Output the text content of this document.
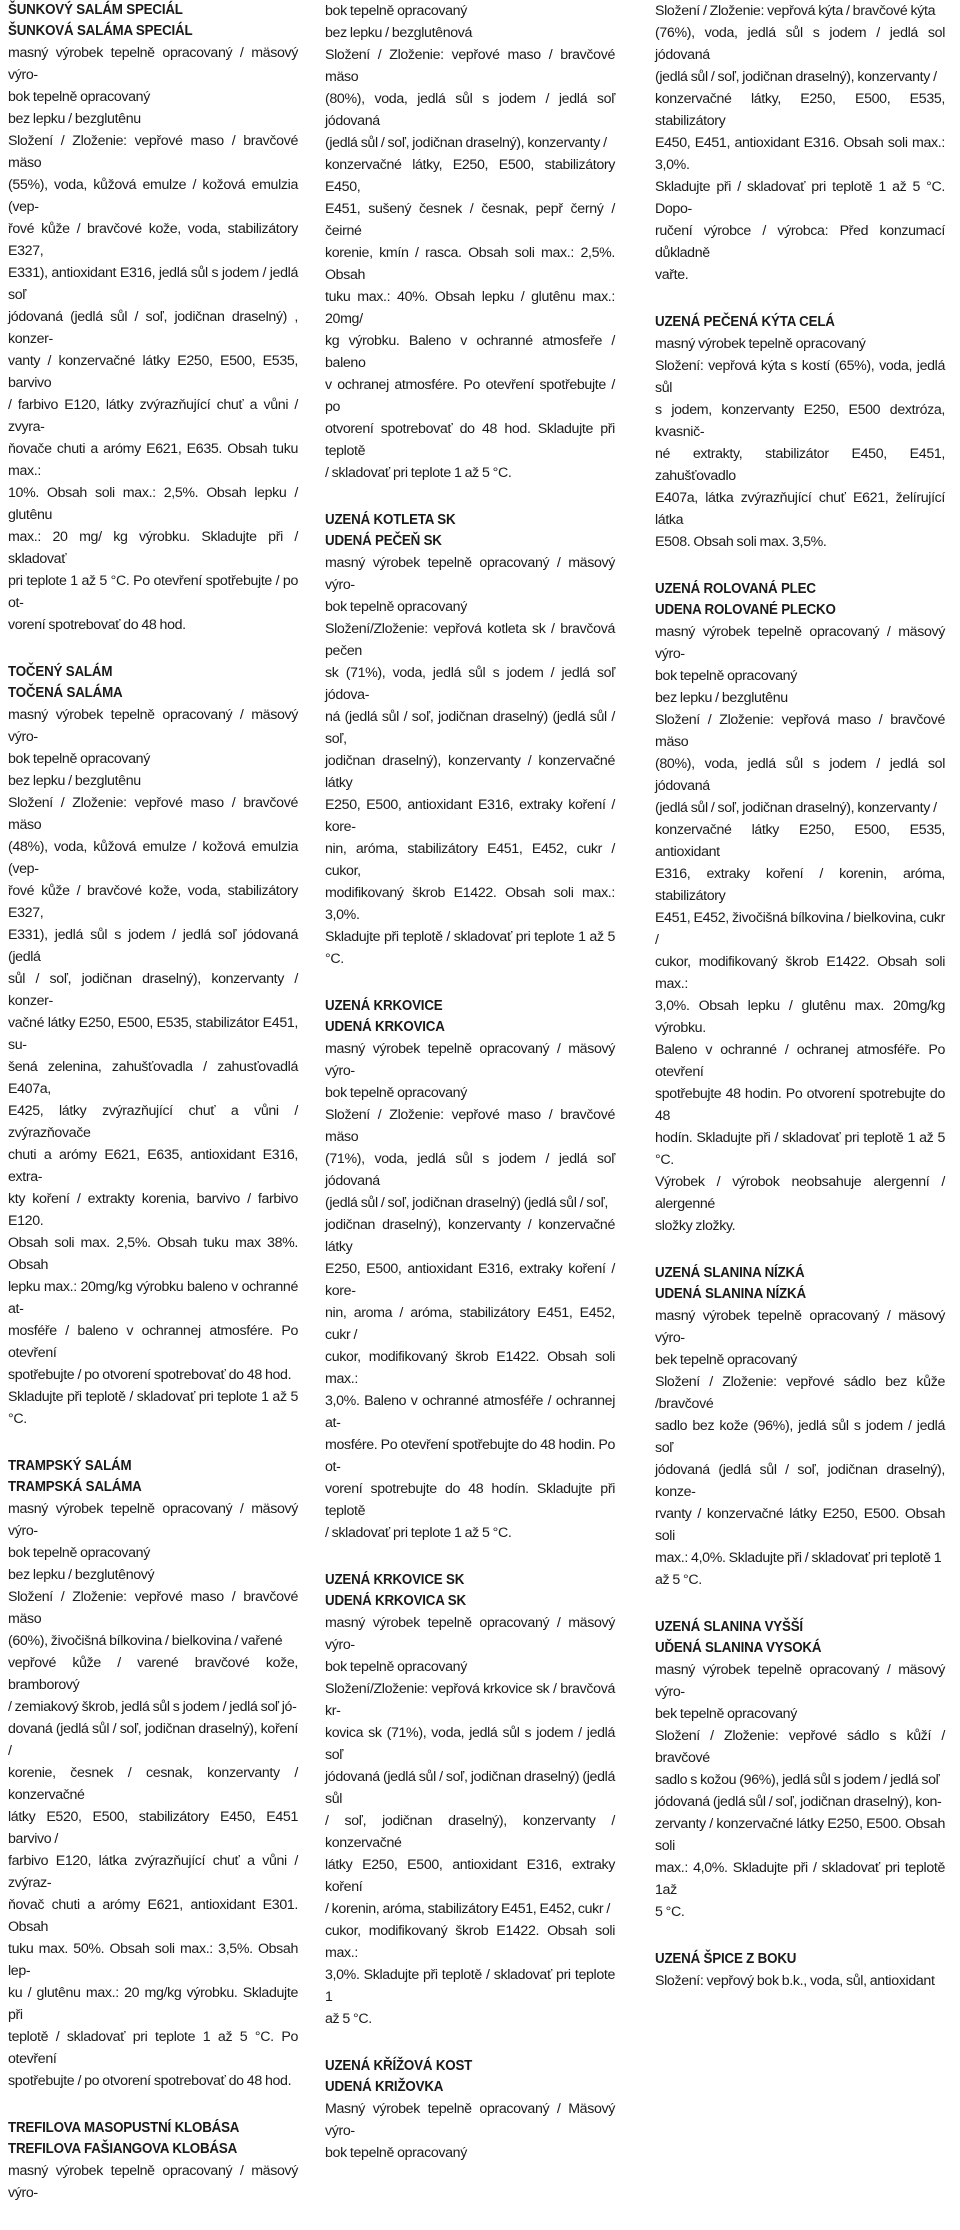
ŠUNKOVÝ SALÁM SPECIÁL
ŠUNKOVÁ SALÁMA SPECIÁL
masný výrobek tepelně opracovaný / mäsový výro-
bok tepelně opracovaný
bez lepku / bezglutênu
Složení / Zloženie: vepřové maso / bravčové mäso
(55%), voda, kůžová emulze / kožová emulzia (vep-
řové kůže / bravčové kože, voda, stabilizátory E327,
E331), antioxidant E316, jedlá sůl s jodem / jedlá soľ
jódovaná (jedlá sůl / soľ, jodičnan draselný) , konzer-
vanty / konzervačné látky E250, E500, E535, barvivo
/ farbivo E120, látky zvýrazňující chuť a vůni / zvyra-
ňovače chuti a arómy E621, E635. Obsah tuku max.:
10%. Obsah soli max.: 2,5%. Obsah lepku / glutênu
max.: 20 mg/ kg výrobku. Skladujte při / skladovať
pri teplote 1 až 5 °C. Po otevření spotřebujte / po ot-
vorení spotrebovať do 48 hod.
TOČENÝ SALÁM
TOČENÁ SALÁMA
masný výrobek tepelně opracovaný / mäsový výro-
bok tepelně opracovaný
bez lepku / bezglutênu
Složení / Zloženie: vepřové maso / bravčové mäso
(48%), voda, kůžová emulze / kožová emulzia (vep-
řové kůže / bravčové kože, voda, stabilizátory E327,
E331), jedlá sůl s jodem / jedlá soľ jódovaná (jedlá
sůl / soľ, jodičnan draselný), konzervanty / konzer-
vačné látky E250, E500, E535, stabilizátor E451, su-
šená zelenina, zahušťovadla / zahusťovadlá E407a,
E425, látky zvýrazňující chuť a vůni / zvýrazňovače
chuti a arómy E621, E635, antioxidant E316, extra-
kty koření / extrakty korenia, barvivo / farbivo E120.
Obsah soli max. 2,5%. Obsah tuku max 38%. Obsah
lepku max.: 20mg/kg výrobku baleno v ochranné at-
mosféře / baleno v ochrannej atmosfére. Po otevření
spotřebujte / po otvorení spotrebovať do 48 hod.
Skladujte při teplotě / skladovať pri teplote 1 až 5 °C.
TRAMPSKÝ SALÁM
TRAMPSKÁ SALÁMA
masný výrobek tepelně opracovaný / mäsový výro-
bok tepelně opracovaný
bez lepku / bezglutênový
Složení / Zloženie: vepřové maso / bravčové mäso
(60%), živočišná bílkovina / bielkovina / vařené
vepřové kůže / varené bravčové kože, bramborový
/ zemiakový škrob, jedlá sůl s jodem / jedlá soľ jó-
dovaná (jedlá sůl / soľ, jodičnan draselný), koření /
korenie, česnek / cesnak, konzervanty / konzervačné
látky E520, E500, stabilizátory E450, E451 barvivo /
farbivo E120, látka zvýrazňující chuť a vůni / zvýraz-
ňovač chuti a arómy E621, antioxidant E301. Obsah
tuku max. 50%. Obsah soli max.: 3,5%. Obsah lep-
ku / glutênu max.: 20 mg/kg výrobku. Skladujte při
teplotě / skladovať pri teplote 1 až 5 °C. Po otevření
spotřebujte / po otvorení spotrebovať do 48 hod.
TREFILOVA MASOPUSTNÍ KLOBÁSA
TREFILOVA FAŠIANGOVA KLOBÁSA
masný výrobek tepelně opracovaný / mäsový výro-
bok tepelně opracovaný
bez lepku / bezglutênová
Složení / Zloženie: vepřové maso / bravčové mäso
(80%), voda, jedlá sůl s jodem / jedlá soľ jódovaná
(jedlá sůl / soľ, jodičnan draselný), konzervanty /
konzervačné látky, E250, E500, stabilizátory E450,
E451, sušený česnek / česnak, pepř černý / čeirné
korenie, kmín / rasca. Obsah soli max.: 2,5%. Obsah
tuku max.: 40%. Obsah lepku / glutênu max.: 20mg/
kg výrobku. Baleno v ochranné atmosfeře / baleno
v ochranej atmosfére. Po otevření spotřebujte / po
otvorení spotrebovať do 48 hod. Skladujte při teplotě
/ skladovať pri teplote 1 až 5 °C.
UZENÁ KOTLETA SK
UDENÁ PEČEŇ SK
masný výrobek tepelně opracovaný / mäsový výro-
bok tepelně opracovaný
Složení/Zloženie: vepřová kotleta sk / bravčová pečen
sk (71%), voda, jedlá sůl s jodem / jedlá soľ jódova-
ná (jedlá sůl / soľ, jodičnan draselný) (jedlá sůl / soľ,
jodičnan draselný), konzervanty / konzervačné látky
E250, E500, antioxidant E316, extraky koření / kore-
nin, aróma, stabilizátory E451, E452, cukr / cukor,
modifikovaný škrob E1422. Obsah soli max.: 3,0%.
Skladujte při teplotě / skladovať pri teplote 1 až 5 °C.
UZENÁ KRKOVICE
UDENÁ KRKOVICA
masný výrobek tepelně opracovaný / mäsový výro-
bok tepelně opracovaný
Složení / Zloženie: vepřové maso / bravčové mäso
(71%), voda, jedlá sůl s jodem / jedlá soľ jódovaná
(jedlá sůl / soľ, jodičnan draselný) (jedlá sůl / soľ,
jodičnan draselný), konzervanty / konzervačné látky
E250, E500, antioxidant E316, extraky koření / kore-
nin, aroma / aróma, stabilizátory E451, E452, cukr /
cukor, modifikovaný škrob E1422. Obsah soli max.:
3,0%. Baleno v ochranné atmosféře / ochrannej at-
mosfére. Po otevření spotřebujte do 48 hodin. Po ot-
vorení spotrebujte do 48 hodín. Skladujte při teplotě
/ skladovať pri teplote 1 až 5 °C.
UZENÁ KRKOVICE SK
UDENÁ KRKOVICA SK
masný výrobek tepelně opracovaný / mäsový výro-
bok tepelně opracovaný
Složení/Zloženie: vepřová krkovice sk / bravčová kr-
kovica sk (71%), voda, jedlá sůl s jodem / jedlá soľ
jódovaná (jedlá sůl / soľ, jodičnan draselný) (jedlá sůl
/ soľ, jodičnan draselný), konzervanty / konzervačné
látky E250, E500, antioxidant E316, extraky koření
/ korenin, aróma, stabilizátory E451, E452, cukr /
cukor, modifikovaný škrob E1422. Obsah soli max.:
3,0%. Skladujte při teplotě / skladovať pri teplote 1
až 5 °C.
UZENÁ KŘÍŽOVÁ KOST
UDENÁ KRIŽOVKA
Masný výrobek tepelně opracovaný / Mäsový výro-
bok tepelně opracovaný
Složení / Zloženie: vepřová kýta / bravčové kýta
(76%), voda, jedlá sůl s jodem / jedlá sol jódovaná
(jedlá sůl / soľ, jodičnan draselný), konzervanty /
konzervačné látky, E250, E500, E535, stabilizátory
E450, E451, antioxidant E316. Obsah soli max.: 3,0%.
Skladujte při / skladovať pri teplotě 1 až 5 °C. Dopo-
ručení výrobce / výrobca: Před konzumací důkladně
vařte.
UZENÁ PEČENÁ KÝTA CELÁ
masný výrobek tepelně opracovaný
Složení: vepřová kýta s kostí (65%), voda, jedlá sůl
s jodem, konzervanty E250, E500 dextróza, kvasnič-
né extrakty, stabilizátor E450, E451, zahušťovadlo
E407a, látka zvýrazňující chuť E621, želírující látka
E508. Obsah soli max. 3,5%.
UZENÁ ROLOVANÁ PLEC
UDENA ROLOVANÉ PLECKO
masný výrobek tepelně opracovaný / mäsový výro-
bok tepelně opracovaný
bez lepku / bezglutênu
Složení / Zloženie: vepřová maso / bravčové mäso
(80%), voda, jedlá sůl s jodem / jedlá sol jódovaná
(jedlá sůl / soľ, jodičnan draselný), konzervanty /
konzervačné látky E250, E500, E535, antioxidant
E316, extraky koření / korenin, aróma, stabilizátory
E451, E452, živočišná bílkovina / bielkovina, cukr /
cukor, modifikovaný škrob E1422. Obsah soli max.:
3,0%. Obsah lepku / glutênu max. 20mg/kg výrobku.
Baleno v ochranné / ochranej atmosféře. Po otevření
spotřebujte 48 hodin. Po otvorení spotrebujte do 48
hodín. Skladujte při / skladovať pri teplotě 1 až 5 °C.
Výrobek / výrobok neobsahuje alergenní / alergenné
složky zložky.
UZENÁ SLANINA NÍZKÁ
UDENÁ SLANINA NÍZKÁ
masný výrobek tepelně opracovaný / mäsový výro-
bek tepelně opracovaný
Složení / Zloženie: vepřové sádlo bez kůže /bravčové
sadlo bez kože (96%), jedlá sůl s jodem / jedlá soľ
jódovaná (jedlá sůl / soľ, jodičnan draselný), konze-
rvanty / konzervačné látky E250, E500. Obsah soli
max.: 4,0%. Skladujte při / skladovať pri teplotě 1
až 5 °C.
UZENÁ SLANINA VYŠŠÍ
UĎENÁ SLANINA VYSOKÁ
masný výrobek tepelně opracovaný / mäsový výro-
bek tepelně opracovaný
Složení / Zloženie: vepřové sádlo s kůží / bravčové
sadlo s kožou (96%), jedlá sůl s jodem / jedlá soľ
jódovaná (jedlá sůl / soľ, jodičnan draselný), kon-
zervanty / konzervačné látky E250, E500. Obsah soli
max.: 4,0%. Skladujte při / skladovať pri teplotě 1až
5 °C.
UZENÁ ŠPICE Z BOKU
Složení: vepřový bok b.k., voda, sůl, antioxidant
